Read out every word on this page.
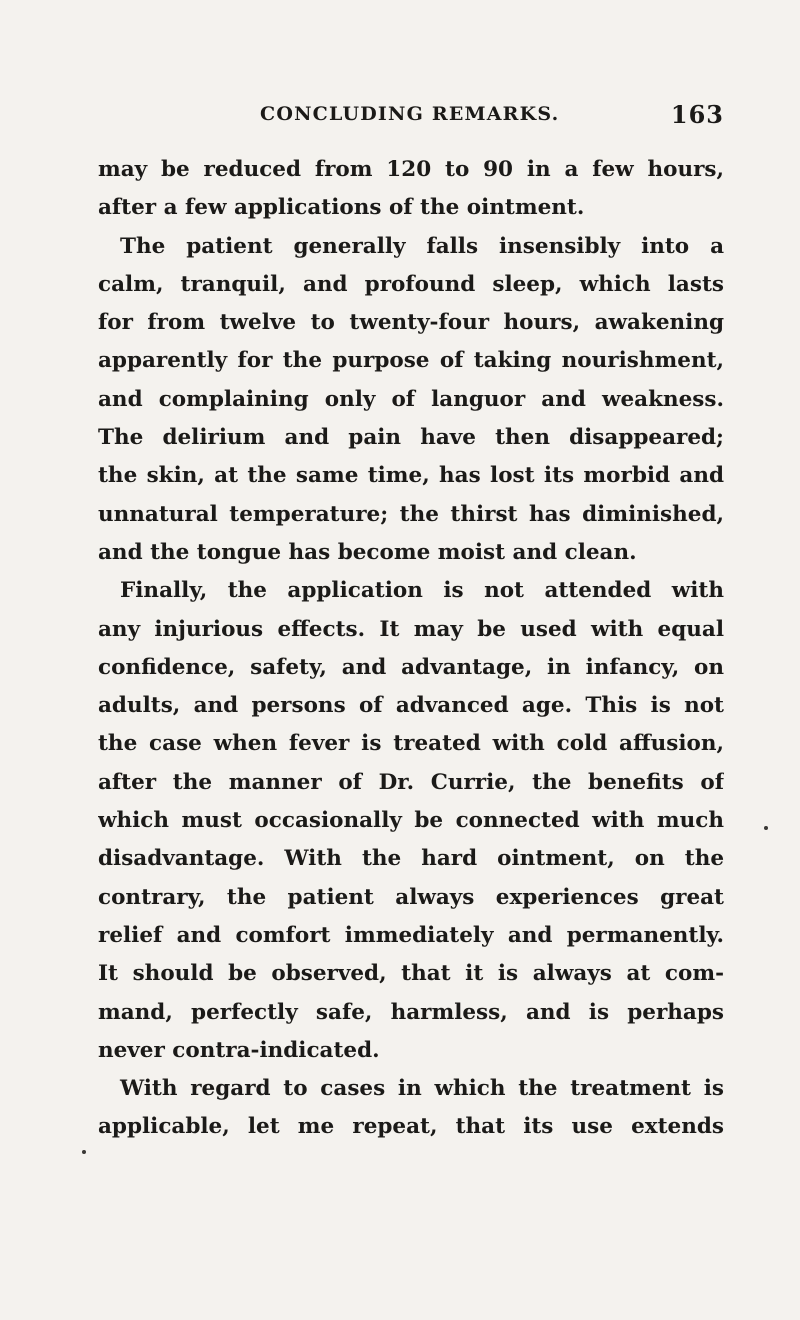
CONCLUDING REMARKS.	163
may be reduced from 120 to 90 in a few hours,
after a few applications of the ointment.
The patient generally falls insensibly into a
calm, tranquil, and profound sleep, which lasts
for from twelve to twenty-four hours, awakening
apparently for the purpose of taking nourishment,
and complaining only of languor and weakness.
The delirium and pain have then disappeared;
the skin, at the same time, has lost its morbid and
unnatural temperature; the thirst has diminished,
and the tongue has become moist and clean.
Finally, the application is not attended with
any injurious effects. It may be used with equal
confidence, safety, and advantage, in infancy, on
adults, and persons of advanced age. This is not
the case when fever is treated with cold affusion,
after the manner of Dr. Currie, the benefits of
which must occasionally be connected with much
disadvantage. With the hard ointment, on the
contrary, the patient always experiences great
relief and comfort immediately and permanently.
It should be observed, that it is always at com-
mand, perfectly safe, harmless, and is perhaps
never contra-indicated.
With regard to cases in which the treatment is
applicable, let me repeat, that its use extends
